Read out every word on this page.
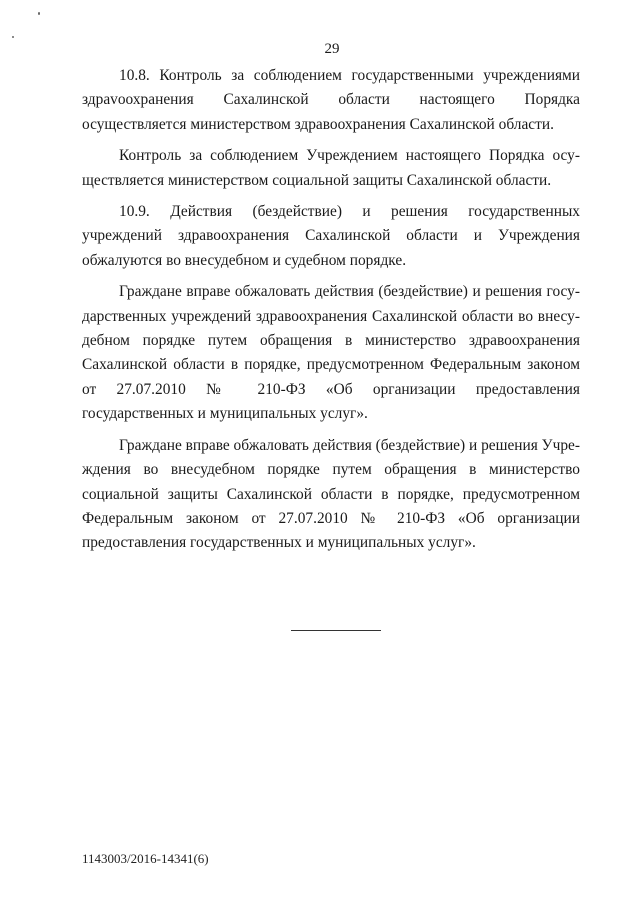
29

10.8. Контроль за соблюдением государственными учреждениями здраvоохранения Сахалинской области настоящего Порядка осуществляется министерством здравоохранения Сахалинской области.

Контроль за соблюдением Учреждением настоящего Порядка осуществляется министерством социальной защиты Сахалинской области.

10.9. Действия (бездействие) и решения государственных учреждений здравоохранения Сахалинской области и Учреждения обжалуются во внесудебном и судебном порядке.

Граждане вправе обжаловать действия (бездействие) и решения государственных учреждений здравоохранения Сахалинской области во внесудебном порядке путем обращения в министерство здравоохранения Сахалинской области в порядке, предусмотренном Федеральным законом от 27.07.2010 № 210-ФЗ «Об организации предоставления государственных и муниципальных услуг».

Граждане вправе обжаловать действия (бездействие) и решения Учреждения во внесудебном порядке путем обращения в министерство социальной защиты Сахалинской области в порядке, предусмотренном Федеральным законом от 27.07.2010 № 210-ФЗ «Об организации предоставления государственных и муниципальных услуг».

1143003/2016-14341(6)
